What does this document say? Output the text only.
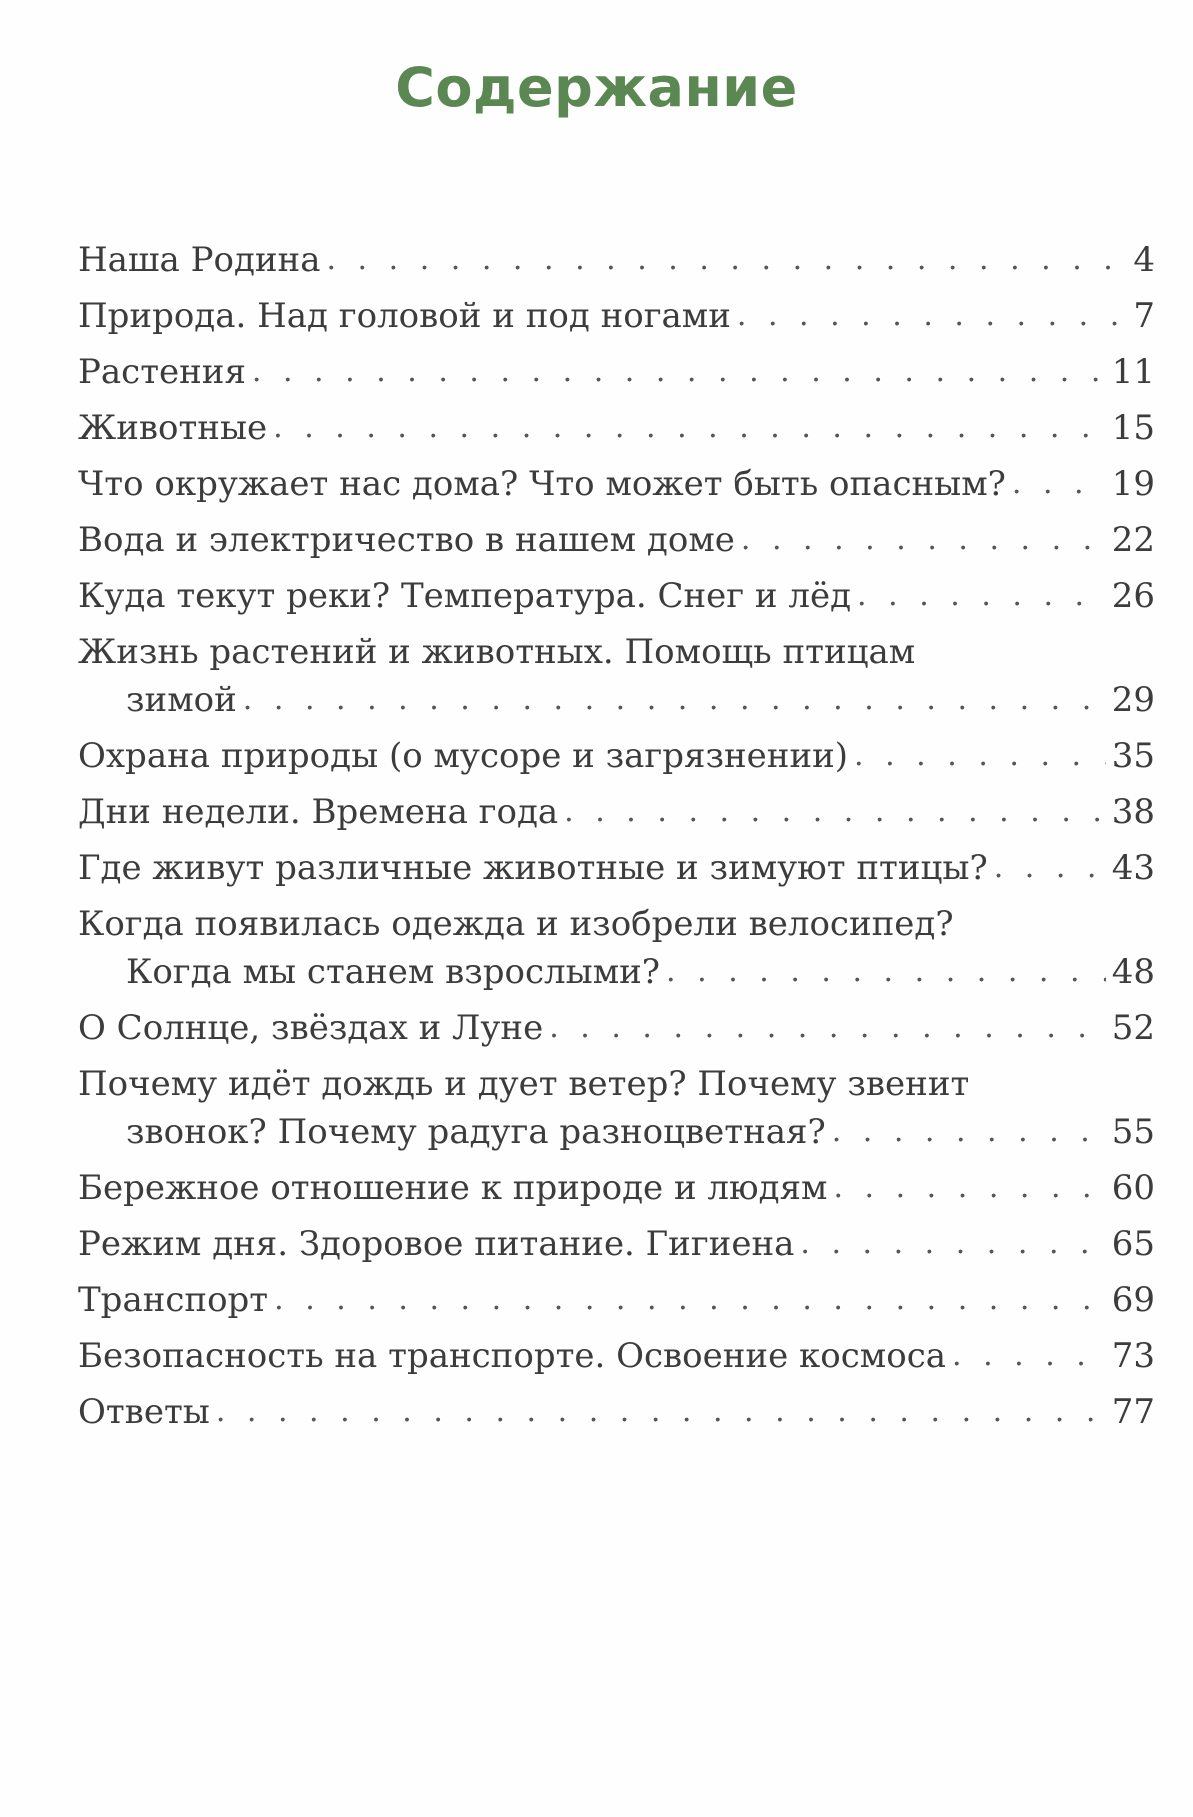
Содержание
Наша Родина . . .	4
Природа. Над головой и под ногами . . .	7
Растения . . .	11
Животные . . .	15
Что окружает нас дома? Что может быть опасным? . . .	19
Вода и электричество в нашем доме . . .	22
Куда текут реки? Температура. Снег и лёд . . .	26
Жизнь растений и животных. Помощь птицам
зимой . . .	29
Охрана природы (о мусоре и загрязнении) . . .	35
Дни недели. Времена года . . .	38
Где живут различные животные и зимуют птицы? . . .	43
Когда появилась одежда и изобрели велосипед?
Когда мы станем взрослыми? . . .	48
О Солнце, звёздах и Луне . . .	52
Почему идёт дождь и дует ветер? Почему звенит
звонок? Почему радуга разноцветная? . . .	55
Бережное отношение к природе и людям . . .	60
Режим дня. Здоровое питание. Гигиена . . .	65
Транспорт . . .	69
Безопасность на транспорте. Освоение космоса . . .	73
Ответы . . .	77
